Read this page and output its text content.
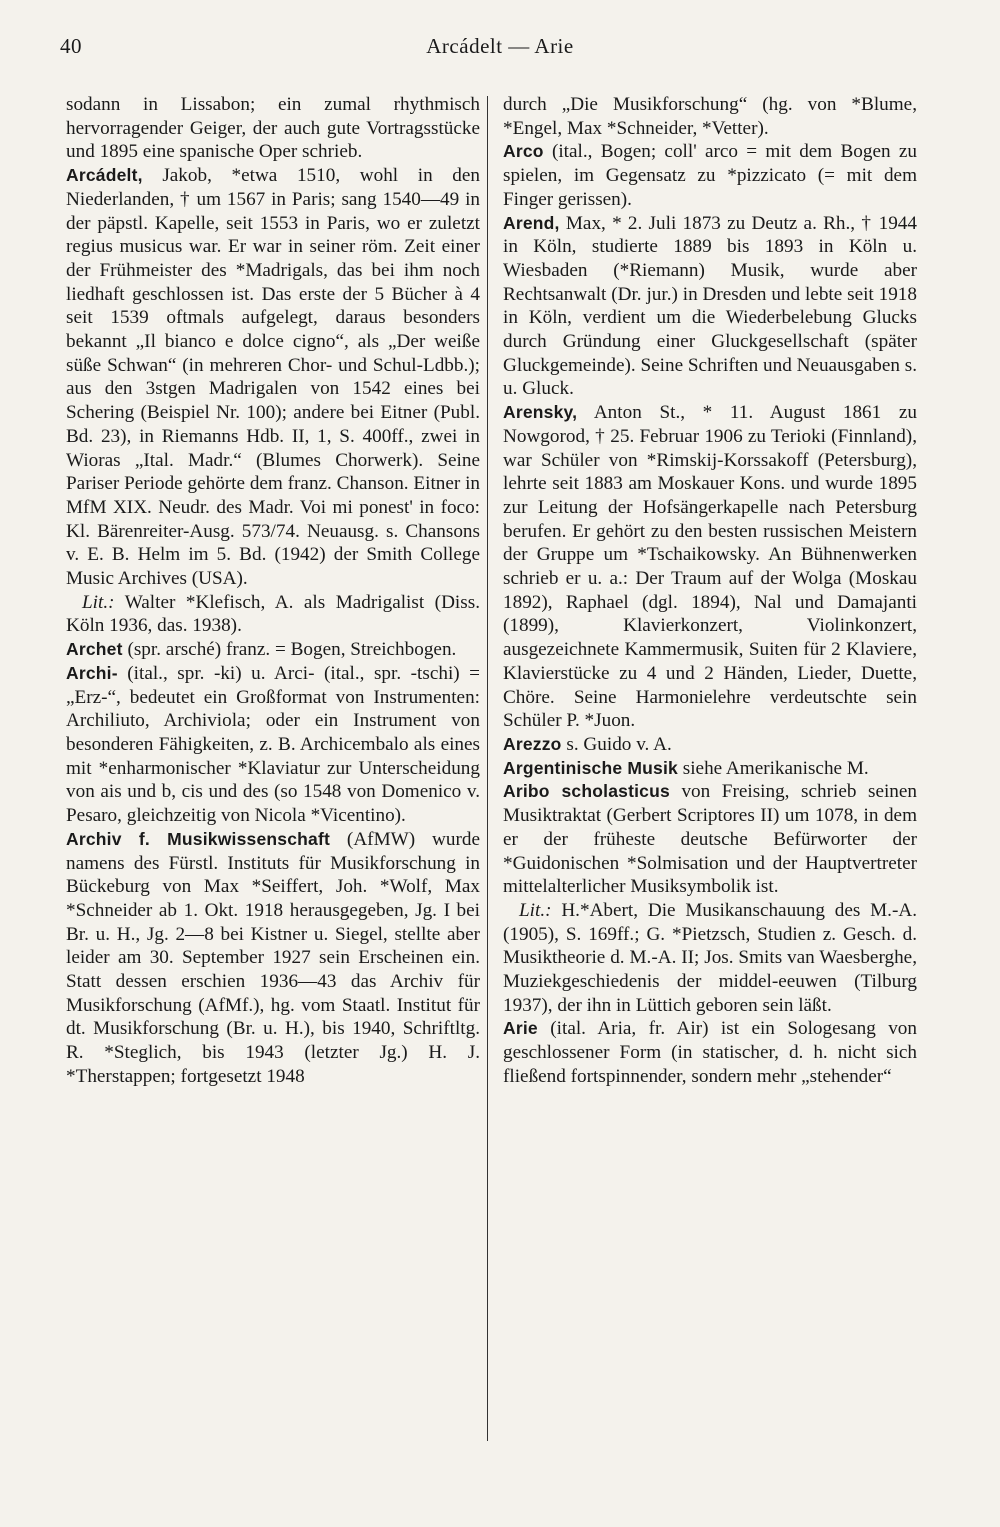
40	Arcádelt — Arie

sodann in Lissabon; ein zumal rhythmisch hervorragender Geiger, der auch gute Vortragsstücke und 1895 eine spanische Oper schrieb.

Arcádelt, Jakob, *etwa 1510, wohl in den Niederlanden, † um 1567 in Paris; sang 1540—49 in der päpstl. Kapelle, seit 1553 in Paris, wo er zuletzt regius musicus war. Er war in seiner röm. Zeit einer der Frühmeister des *Madrigals, das bei ihm noch liedhaft geschlossen ist. Das erste der 5 Bücher à 4 seit 1539 oftmals aufgelegt, daraus besonders bekannt „Il bianco e dolce cigno“, als „Der weiße süße Schwan“ (in mehreren Chor- und Schul-Ldbb.); aus den 3stgen Madrigalen von 1542 eines bei Schering (Beispiel Nr. 100); andere bei Eitner (Publ. Bd. 23), in Riemanns Hdb. II, 1, S. 400ff., zwei in Wioras „Ital. Madr.“ (Blumes Chorwerk). Seine Pariser Periode gehörte dem franz. Chanson. Eitner in MfM XIX. Neudr. des Madr. Voi mi ponest' in foco: Kl. Bärenreiter-Ausg. 573/74. Neuausg. s. Chansons v. E. B. Helm im 5. Bd. (1942) der Smith College Music Archives (USA).

Lit.: Walter *Klefisch, A. als Madrigalist (Diss. Köln 1936, das. 1938).

Archet (spr. arsché) franz. = Bogen, Streichbogen.

Archi- (ital., spr. -ki) u. Arci- (ital., spr. -tschi) = „Erz-“, bedeutet ein Großformat von Instrumenten: Archiliuto, Archiviola; oder ein Instrument von besonderen Fähigkeiten, z. B. Archicembalo als eines mit *enharmonischer *Klaviatur zur Unterscheidung von ais und b, cis und des (so 1548 von Domenico v. Pesaro, gleichzeitig von Nicola *Vicentino).

Archiv f. Musikwissenschaft (AfMW) wurde namens des Fürstl. Instituts für Musikforschung in Bückeburg von Max *Seiffert, Joh. *Wolf, Max *Schneider ab 1. Okt. 1918 herausgegeben, Jg. I bei Br. u. H., Jg. 2—8 bei Kistner u. Siegel, stellte aber leider am 30. September 1927 sein Erscheinen ein. Statt dessen erschien 1936—43 das Archiv für Musikforschung (AfMf.), hg. vom Staatl. Institut für dt. Musikforschung (Br. u. H.), bis 1940, Schriftltg. R. *Steglich, bis 1943 (letzter Jg.) H. J. *Therstappen; fortgesetzt 1948

durch „Die Musikforschung“ (hg. von *Blume, *Engel, Max *Schneider, *Vetter).

Arco (ital., Bogen; coll' arco = mit dem Bogen zu spielen, im Gegensatz zu *pizzicato (= mit dem Finger gerissen).

Arend, Max, * 2. Juli 1873 zu Deutz a. Rh., † 1944 in Köln, studierte 1889 bis 1893 in Köln u. Wiesbaden (*Riemann) Musik, wurde aber Rechtsanwalt (Dr. jur.) in Dresden und lebte seit 1918 in Köln, verdient um die Wiederbelebung Glucks durch Gründung einer Gluckgesellschaft (später Gluckgemeinde). Seine Schriften und Neuausgaben s. u. Gluck.

Arensky, Anton St., * 11. August 1861 zu Nowgorod, † 25. Februar 1906 zu Terioki (Finnland), war Schüler von *Rimskij-Korssakoff (Petersburg), lehrte seit 1883 am Moskauer Kons. und wurde 1895 zur Leitung der Hofsängerkapelle nach Petersburg berufen. Er gehört zu den besten russischen Meistern der Gruppe um *Tschaikowsky. An Bühnenwerken schrieb er u. a.: Der Traum auf der Wolga (Moskau 1892), Raphael (dgl. 1894), Nal und Damajanti (1899), Klavierkonzert, Violinkonzert, ausgezeichnete Kammermusik, Suiten für 2 Klaviere, Klavierstücke zu 4 und 2 Händen, Lieder, Duette, Chöre. Seine Harmonielehre verdeutschte sein Schüler P. *Juon.

Arezzo s. Guido v. A.

Argentinische Musik siehe Amerikanische M.

Aribo scholasticus von Freising, schrieb seinen Musiktraktat (Gerbert Scriptores II) um 1078, in dem er der früheste deutsche Befürworter der *Guidonischen *Solmisation und der Hauptvertreter mittelalterlicher Musiksymbolik ist.

Lit.: H.*Abert, Die Musikanschauung des M.-A. (1905), S. 169ff.; G. *Pietzsch, Studien z. Gesch. d. Musiktheorie d. M.-A. II; Jos. Smits van Waesberghe, Muziekgeschiedenis der middel-eeuwen (Tilburg 1937), der ihn in Lüttich geboren sein läßt.

Arie (ital. Aria, fr. Air) ist ein Sologesang von geschlossener Form (in statischer, d. h. nicht sich fließend fortspinnender, sondern mehr „stehender“
